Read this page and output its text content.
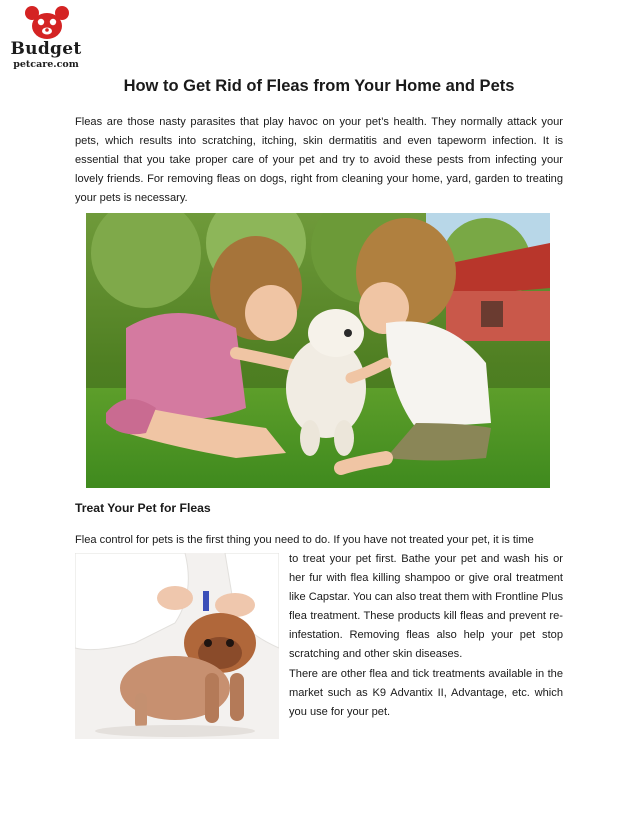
Budget
petcare.com
How to Get Rid of Fleas from Your Home and Pets

Fleas are those nasty parasites that play havoc on your pet’s health. They normally attack your pets, which results into scratching, itching, skin dermatitis and even tapeworm infection. It is essential that you take proper care of your pet and try to avoid these pests from infecting your lovely friends. For removing fleas on dogs, right from cleaning your home, yard, garden to treating your pets is necessary.

Treat Your Pet for Fleas

Flea control for pets is the first thing you need to do. If you have not treated your pet, it is time

to treat your pet first. Bathe your pet and wash his or her fur with flea killing shampoo or give oral treatment like Capstar. You can also treat them with Frontline Plus flea treatment. These products kill fleas and prevent re-infestation. Removing fleas also help your pet stop scratching and other skin diseases.

There are other flea and tick treatments available in the market such as K9 Advantix II, Advantage, etc. which you use for your pet.
